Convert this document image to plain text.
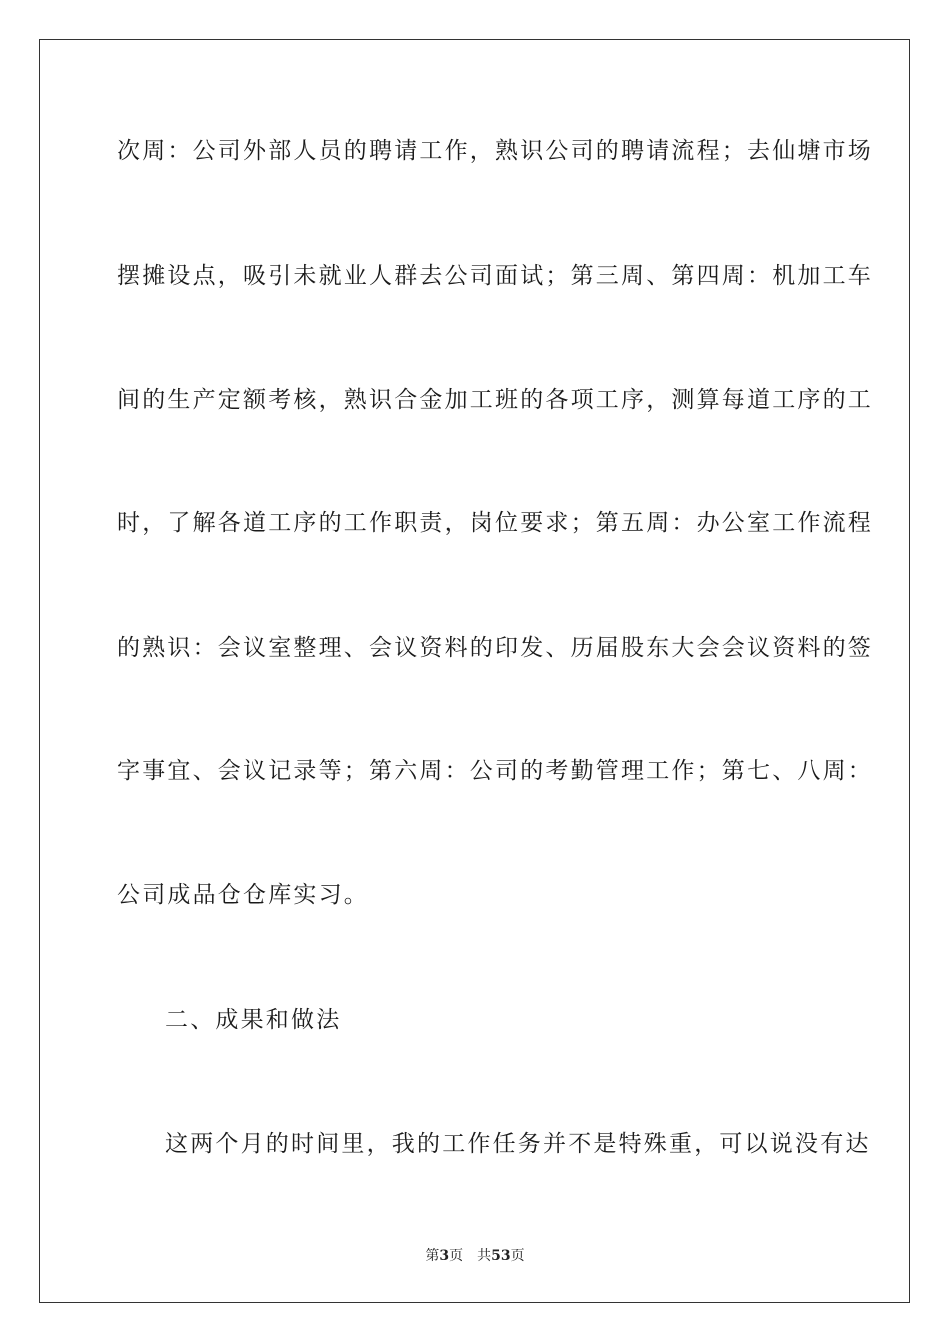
次周：公司外部人员的聘请工作，熟识公司的聘请流程；去仙塘市场
摆摊设点，吸引未就业人群去公司面试；第三周、第四周：机加工车
间的生产定额考核，熟识合金加工班的各项工序，测算每道工序的工
时，了解各道工序的工作职责，岗位要求；第五周：办公室工作流程
的熟识：会议室整理、会议资料的印发、历届股东大会会议资料的签
字事宜、会议记录等；第六周：公司的考勤管理工作；第七、八周：
公司成品仓仓库实习。
二、成果和做法
这两个月的时间里，我的工作任务并不是特殊重，可以说没有达
第3页 共53页
